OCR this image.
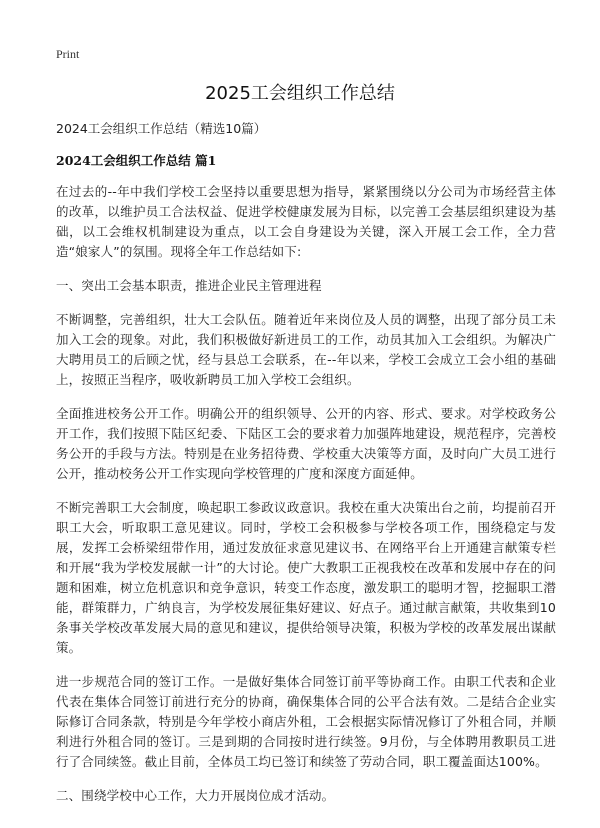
Print
2025工会组织工作总结
2024工会组织工作总结（精选10篇）
2024工会组织工作总结 篇1

在过去的--年中我们学校工会坚持以重要思想为指导，紧紧围绕以分公司为市场经营主体的改革，以维护员工合法权益、促进学校健康发展为目标，以完善工会基层组织建设为基础，以工会维权机制建设为重点，以工会自身建设为关键，深入开展工会工作，全力营造“娘家人”的氛围。现将全年工作总结如下:

一、突出工会基本职责，推进企业民主管理进程

不断调整，完善组织，壮大工会队伍。随着近年来岗位及人员的调整，出现了部分员工未加入工会的现象。对此，我们积极做好新进员工的工作，动员其加入工会组织。为解决广大聘用员工的后顾之忧，经与县总工会联系，在--年以来，学校工会成立工会小组的基础上，按照正当程序，吸收新聘员工加入学校工会组织。

全面推进校务公开工作。明确公开的组织领导、公开的内容、形式、要求。对学校政务公开工作，我们按照下陆区纪委、下陆区工会的要求着力加强阵地建设，规范程序，完善校务公开的手段与方法。特别是在业务招待费、学校重大决策等方面，及时向广大员工进行公开，推动校务公开工作实现向学校管理的广度和深度方面延伸。

不断完善职工大会制度，唤起职工参政议政意识。我校在重大决策出台之前，均提前召开职工大会，听取职工意见建议。同时，学校工会积极参与学校各项工作，围绕稳定与发展，发挥工会桥梁纽带作用，通过发放征求意见建议书、在网络平台上开通建言献策专栏和开展“我为学校发展献一计”的大讨论。使广大教职工正视我校在改革和发展中存在的问题和困难，树立危机意识和竞争意识，转变工作态度，激发职工的聪明才智，挖掘职工潜能，群策群力，广纳良言，为学校发展征集好建议、好点子。通过献言献策，共收集到10条事关学校改革发展大局的意见和建议，提供给领导决策，积极为学校的改革发展出谋献策。

进一步规范合同的签订工作。一是做好集体合同签订前平等协商工作。由职工代表和企业代表在集体合同签订前进行充分的协商，确保集体合同的公平合法有效。二是结合企业实际修订合同条款，特别是今年学校小商店外租，工会根据实际情况修订了外租合同，并顺利进行外租合同的签订。三是到期的合同按时进行续签。9月份，与全体聘用教职员工进行了合同续签。截止目前，全体员工均已签订和续签了劳动合同，职工覆盖面达100%。

二、围绕学校中心工作，大力开展岗位成才活动。
